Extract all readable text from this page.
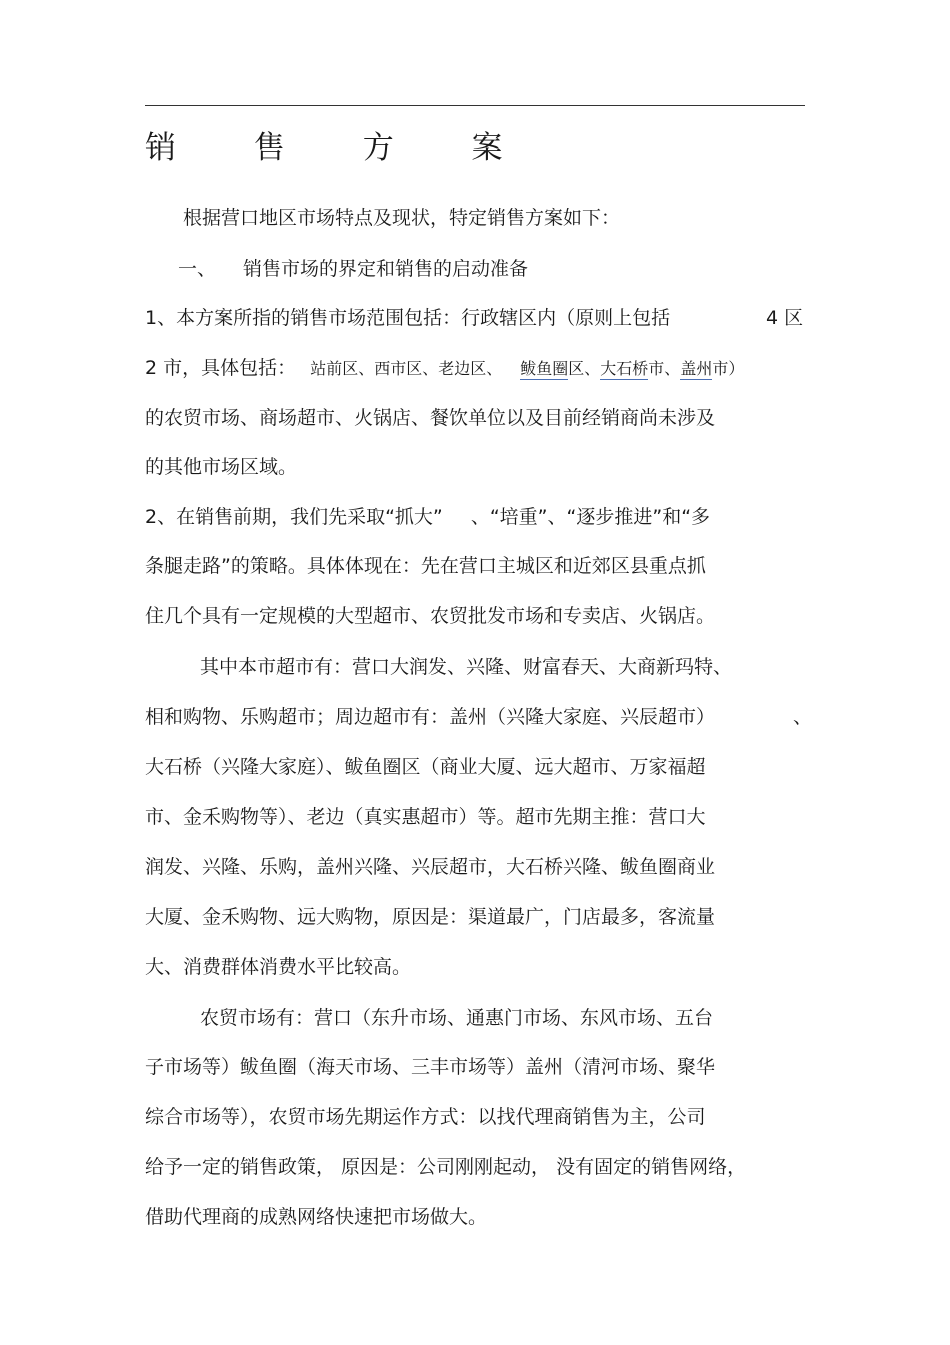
销 售 方 案
根据营口地区市场特点及现状，特定销售方案如下：
一、 销售市场的界定和销售的启动准备
1、本方案所指的销售市场范围包括：行政辖区内（原则上包括	4 区
2 市，具体包括： 站前区、西市区、老边区、 鲅鱼圈区、大石桥市、盖州市）
的农贸市场、商场超市、火锅店、餐饮单位以及目前经销商尚未涉及
的其他市场区域。
2、在销售前期，我们先采取“抓大” 、“培重”、“逐步推进”和“多
条腿走路”的策略。具体体现在：先在营口主城区和近郊区县重点抓
住几个具有一定规模的大型超市、农贸批发市场和专卖店、火锅店。
其中本市超市有：营口大润发、兴隆、财富春天、大商新玛特、
相和购物、乐购超市；周边超市有：盖州（兴隆大家庭、兴辰超市）	、
大石桥（兴隆大家庭）、鲅鱼圈区（商业大厦、远大超市、万家福超
市、金禾购物等）、老边（真实惠超市）等。超市先期主推：营口大
润发、兴隆、乐购，盖州兴隆、兴辰超市，大石桥兴隆、鲅鱼圈商业
大厦、金禾购物、远大购物，原因是：渠道最广，门店最多，客流量
大、消费群体消费水平比较高。
农贸市场有：营口（东升市场、通惠门市场、东风市场、五台
子市场等）鲅鱼圈（海天市场、三丰市场等）盖州（清河市场、聚华
综合市场等），农贸市场先期运作方式：以找代理商销售为主，公司
给予一定的销售政策， 原因是：公司刚刚起动， 没有固定的销售网络，
借助代理商的成熟网络快速把市场做大。
